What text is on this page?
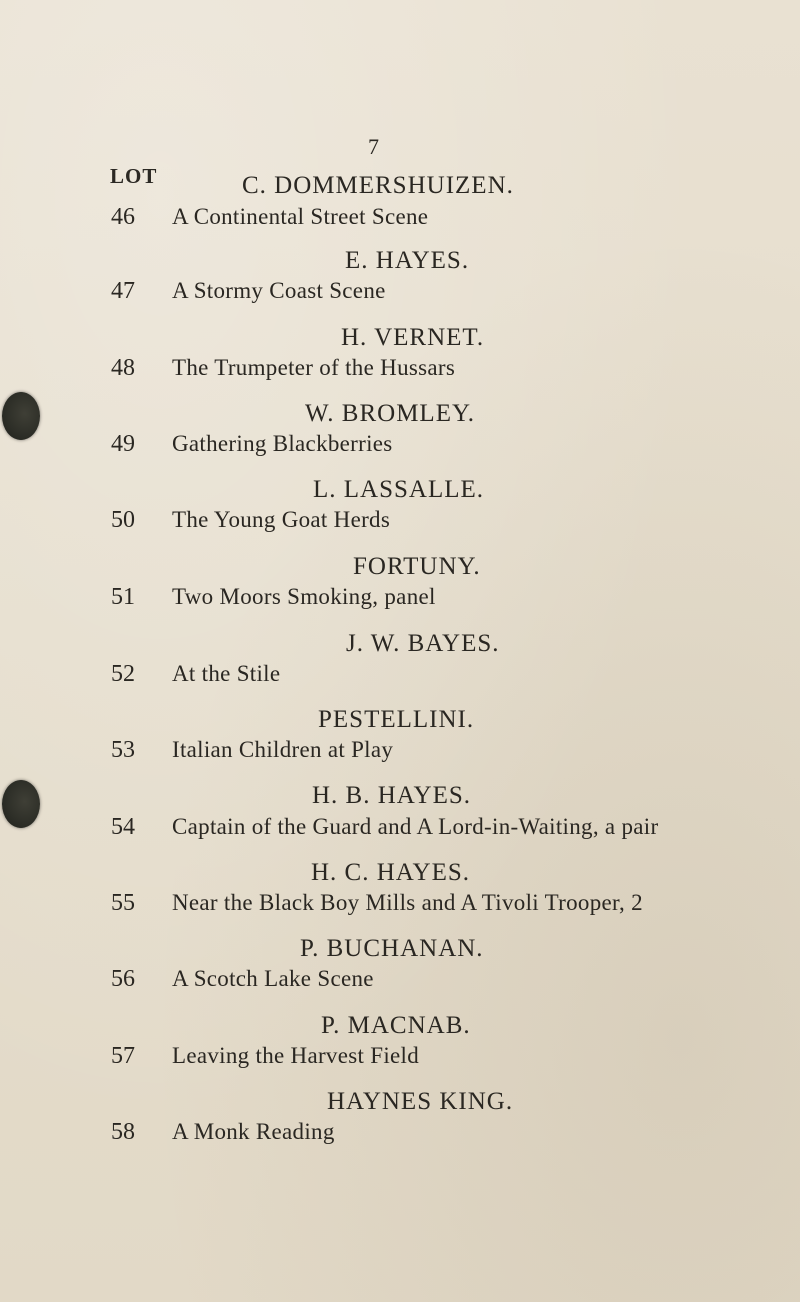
7
LOT	C. DOMMERSHUIZEN.
46 A Continental Street Scene
E. HAYES.
47 A Stormy Coast Scene
H. VERNET.
48 The Trumpeter of the Hussars
W. BROMLEY.
49 Gathering Blackberries
L. LASSALLE.
50 The Young Goat Herds
FORTUNY.
51 Two Moors Smoking, panel
J. W. BAYES.
52 At the Stile
PESTELLINI.
53 Italian Children at Play
H. B. HAYES.
54 Captain of the Guard and A Lord-in-Waiting, a pair
H. C. HAYES.
55 Near the Black Boy Mills and A Tivoli Trooper, 2
P. BUCHANAN.
56 A Scotch Lake Scene
P. MACNAB.
57 Leaving the Harvest Field
HAYNES KING.
58 A Monk Reading
